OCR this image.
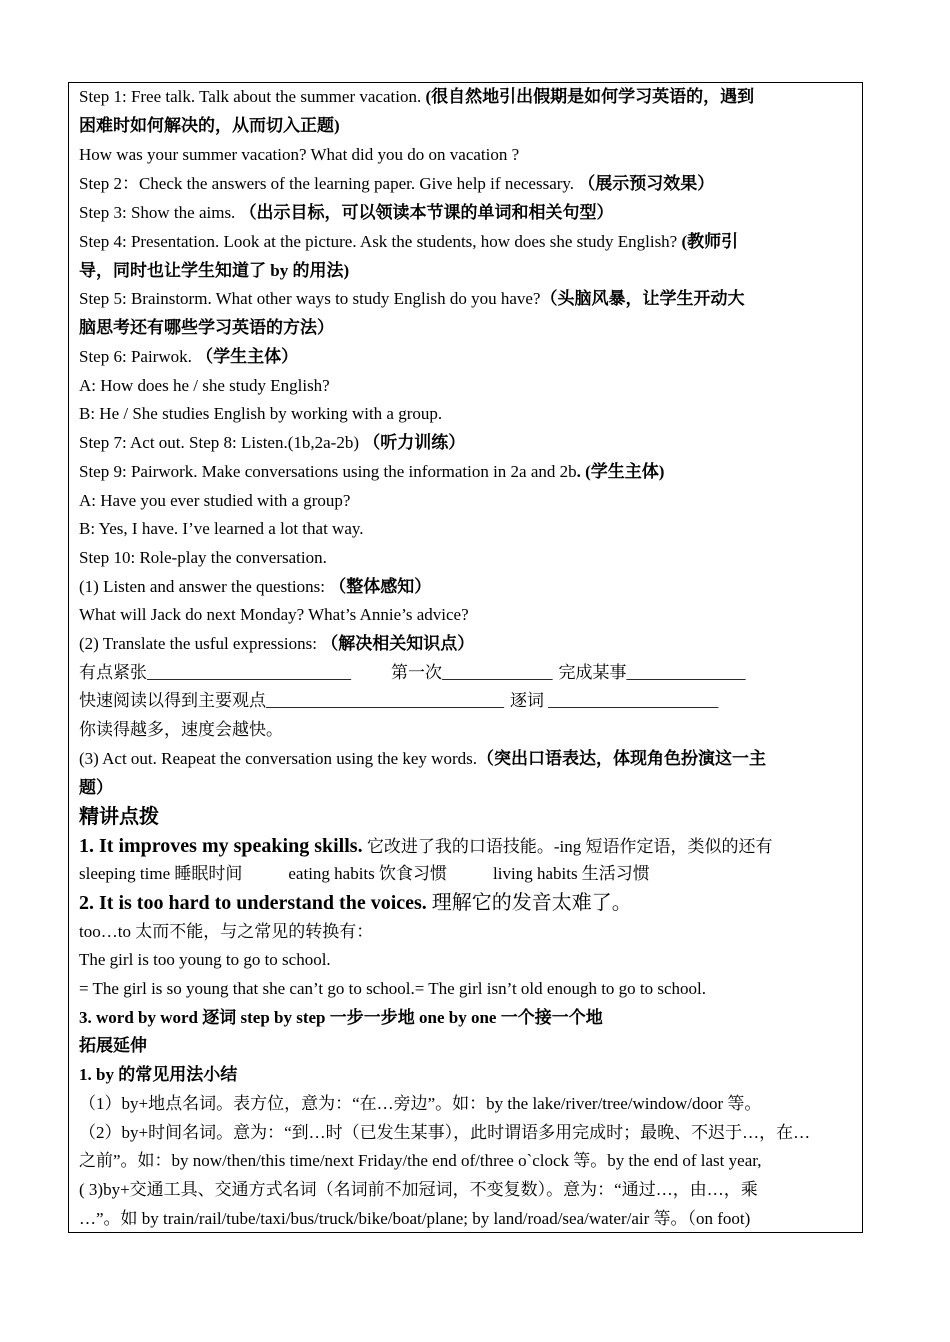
Step 1: Free talk. Talk about the summer vacation. (很自然地引出假期是如何学习英语的，遇到
困难时如何解决的，从而切入正题)
How was your summer vacation? What did you do on vacation ?
Step 2：Check the answers of the learning paper. Give help if necessary. （展示预习效果）
Step 3: Show the aims. （出示目标，可以领读本节课的单词和相关句型）
Step 4: Presentation. Look at the picture. Ask the students, how does she study English? (教师引
导，同时也让学生知道了 by 的用法)
Step 5: Brainstorm. What other ways to study English do you have?（头脑风暴，让学生开动大
脑思考还有哪些学习英语的方法）
Step 6: Pairwok. （学生主体）
A: How does he / she study English?
B: He / She studies English by working with a group.
Step 7: Act out. Step 8: Listen.(1b,2a-2b) （听力训练）
Step 9: Pairwork. Make conversations using the information in 2a and 2b. (学生主体)
A: Have you ever studied with a group?
B: Yes, I have. I’ve learned a lot that way.
Step 10: Role-play the conversation.
(1) Listen and answer the questions: （整体感知）
What will Jack do next Monday? What’s Annie’s advice?
(2) Translate the usful expressions: （解决相关知识点）
有点紧张________________________ 第一次_____________ 完成某事______________
快速阅读以得到主要观点____________________________ 逐词 ____________________
你读得越多，速度会越快。
(3) Act out. Reapeat the conversation using the key words.（突出口语表达，体现角色扮演这一主
题）
精讲点拨
1. It improves my speaking skills. 它改进了我的口语技能。-ing 短语作定语，类似的还有
sleeping time 睡眠时间	eating habits 饮食习惯	living habits 生活习惯
2. It is too hard to understand the voices. 理解它的发音太难了。
too…to 太而不能，与之常见的转换有：
The girl is too young to go to school.
= The girl is so young that she can’t go to school.= The girl isn’t old enough to go to school.
3. word by word 逐词 step by step 一步一步地 one by one 一个接一个地
拓展延伸
1. by 的常见用法小结
（1）by+地点名词。表方位，意为：“在…旁边”。如：by the lake/river/tree/window/door 等。
（2）by+时间名词。意为：“到…时（已发生某事），此时谓语多用完成时；最晚、不迟于…，在…
之前”。如：by now/then/this time/next Friday/the end of/three o`clock 等。by the end of last year,
( 3)by+交通工具、交通方式名词（名词前不加冠词，不变复数）。意为：“通过…，由…，乘
…”。如 by train/rail/tube/taxi/bus/truck/bike/boat/plane; by land/road/sea/water/air 等。（on foot)
